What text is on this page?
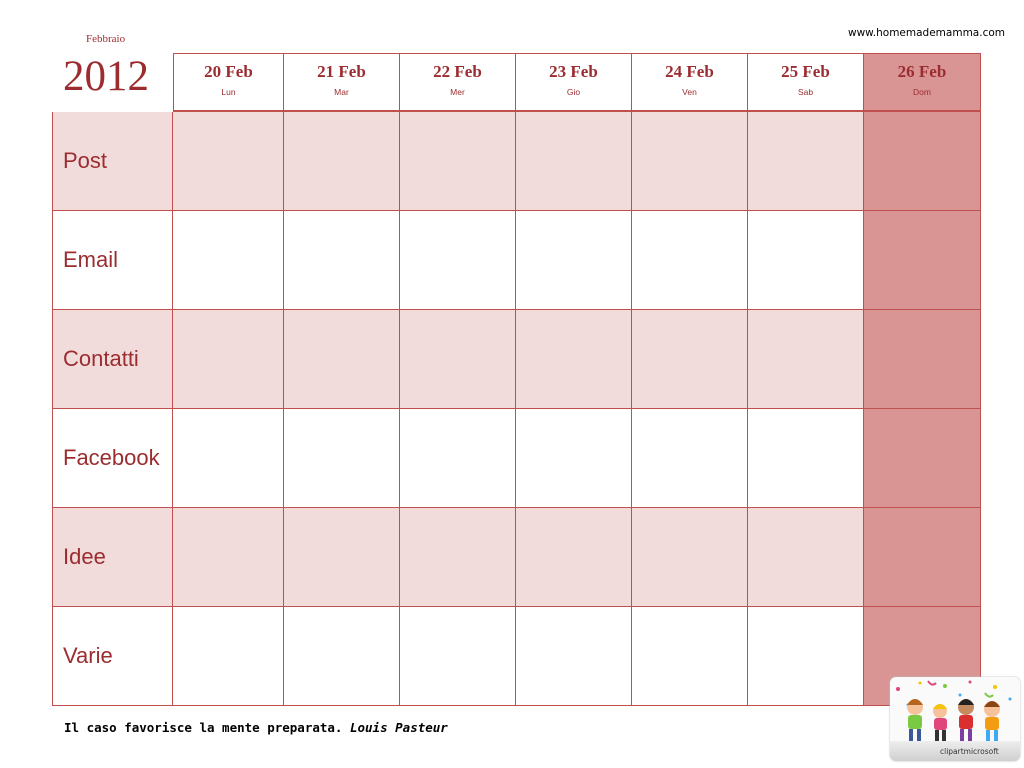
www.homemademamma.com
Febbraio
2012	20 Feb
Lun
21 Feb
Mar
22 Feb
Mer
23 Feb
Gio
24 Feb
Ven
25 Feb
Sab
26 Feb
Dom
Post
Email
Contatti
Facebook
Idee
Varie
Il caso favorisce la mente preparata. Louis Pasteur
clipartmicrosoft
